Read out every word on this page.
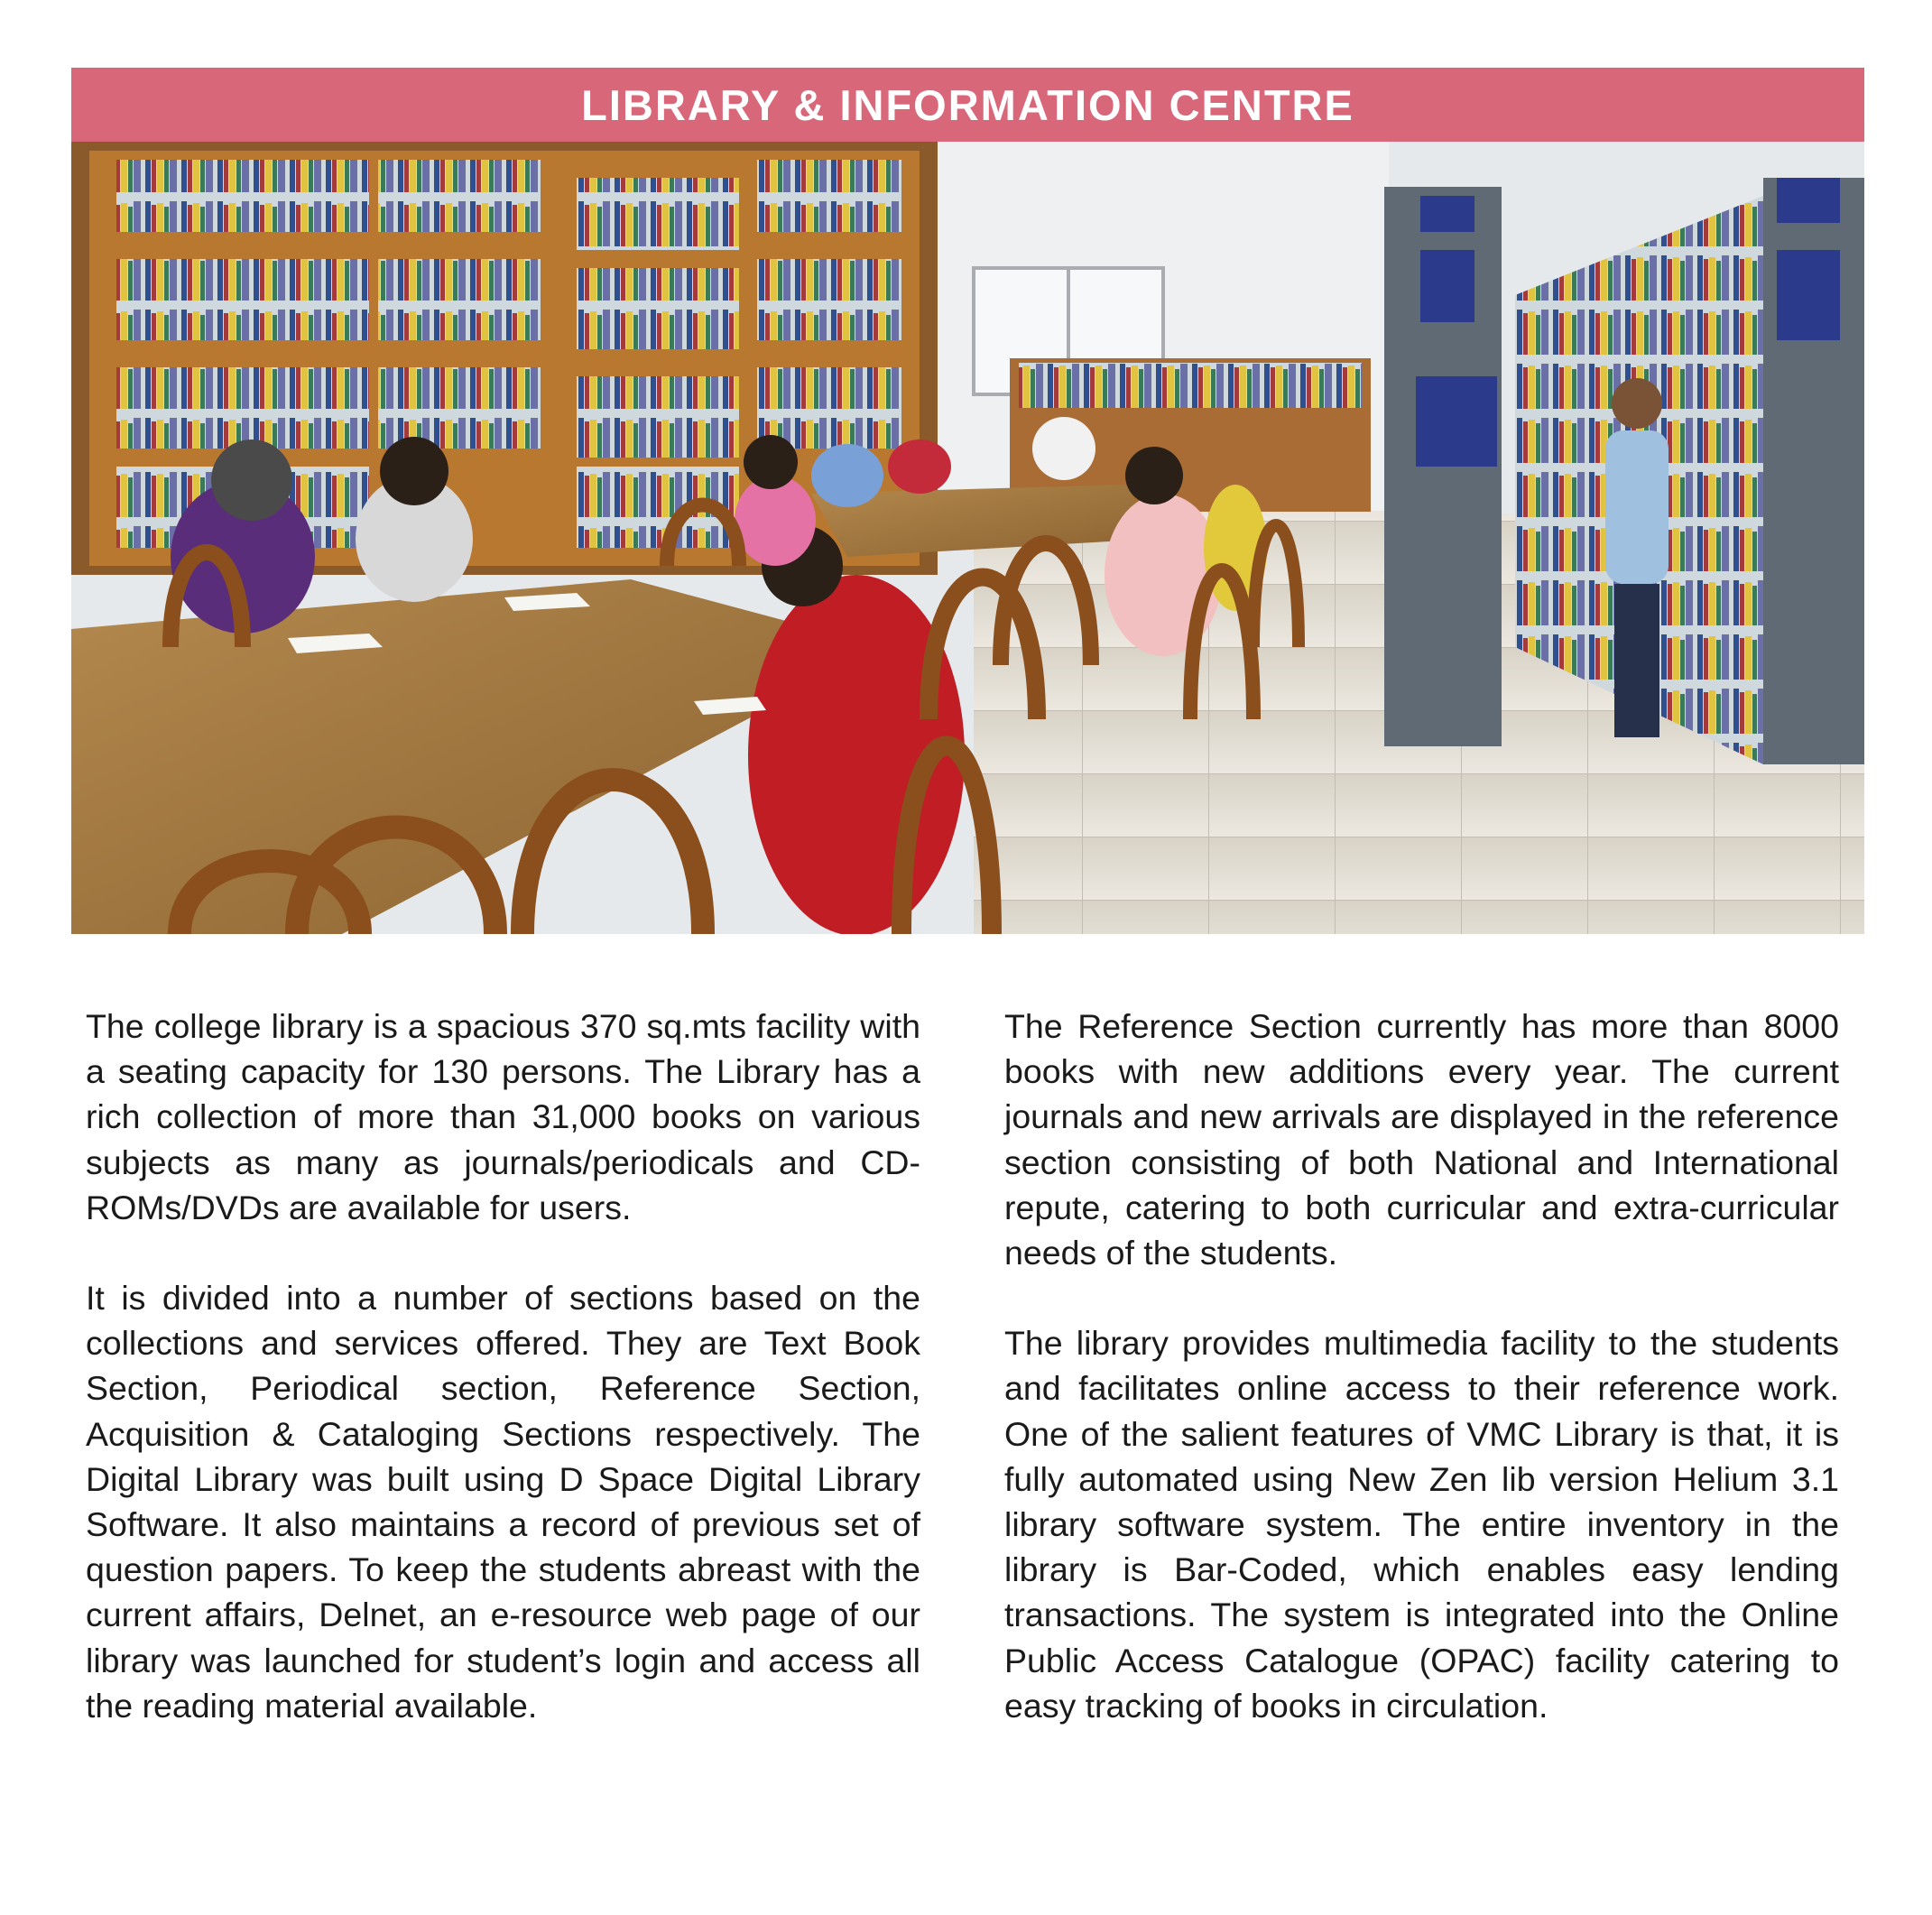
LIBRARY & INFORMATION CENTRE

The college library is a spacious 370 sq.mts facility with a seating capacity for 130 persons. The Library has a rich collection of more than 31,000 books on various subjects as many as journals/periodicals and CD-ROMs/DVDs are available for users.

It is divided into a number of sections based on the collections and services offered. They are Text Book Section, Periodical section, Reference Section, Acquisition & Cataloging Sections respectively. The Digital Library was built using D Space Digital Library Software. It also maintains a record of previous set of question papers. To keep the students abreast with the current affairs, Delnet, an e-resource web page of our library was launched for student’s login and access all the reading material available.

The Reference Section currently has more than 8000 books with new additions every year. The current journals and new arrivals are displayed in the reference section consisting of both National and International repute, catering to both curricular and extra-curricular needs of the students.

The library provides multimedia facility to the students and facilitates online access to their reference work. One of the salient features of VMC Library is that, it is fully automated using New Zen lib version Helium 3.1 library software system. The entire inventory in the library is Bar-Coded, which enables easy lending transactions. The system is integrated into the Online Public Access Catalogue (OPAC) facility catering to easy tracking of books in circulation.
